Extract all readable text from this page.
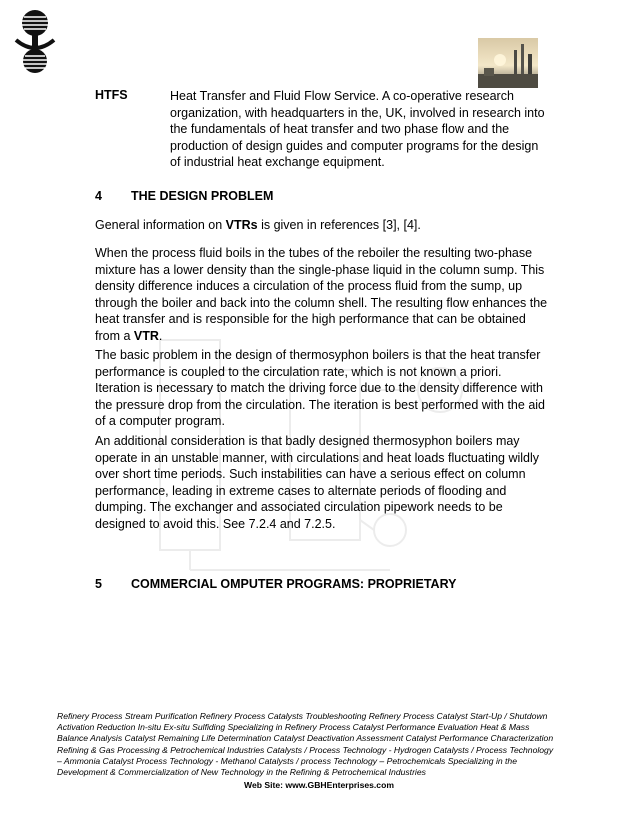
HTFS	Heat Transfer and Fluid Flow Service. A co-operative research organization, with headquarters in the, UK, involved in research into the fundamentals of heat transfer and two phase flow and the production of design guides and computer programs for the design of industrial heat exchange equipment.
4 THE DESIGN PROBLEM

General information on VTRs is given in references [3], [4].

When the process fluid boils in the tubes of the reboiler the resulting two-phase mixture has a lower density than the single-phase liquid in the column sump. This density difference induces a circulation of the process fluid from the sump, up through the boiler and back into the column shell. The resulting flow enhances the heat transfer and is responsible for the high performance that can be obtained from a VTR.

The basic problem in the design of thermosyphon boilers is that the heat transfer performance is coupled to the circulation rate, which is not known a priori. Iteration is necessary to match the driving force due to the density difference with the pressure drop from the circulation. The iteration is best performed with the aid of a computer program.

An additional consideration is that badly designed thermosyphon boilers may operate in an unstable manner, with circulations and heat loads fluctuating wildly over short time periods. Such instabilities can have a serious effect on column performance, leading in extreme cases to alternate periods of flooding and dumping. The exchanger and associated circulation pipework needs to be designed to avoid this. See 7.2.4 and 7.2.5.

5 COMMERCIAL OMPUTER PROGRAMS: PROPRIETARY
Refinery Process Stream Purification Refinery Process Catalysts Troubleshooting Refinery Process Catalyst Start-Up / Shutdown Activation Reduction In-situ Ex-situ Sulfiding Specializing in Refinery Process Catalyst Performance Evaluation Heat & Mass Balance Analysis Catalyst Remaining Life Determination Catalyst Deactivation Assessment Catalyst Performance Characterization Refining & Gas Processing & Petrochemical Industries Catalysts / Process Technology - Hydrogen Catalysts / Process Technology – Ammonia Catalyst Process Technology - Methanol Catalysts / process Technology – Petrochemicals Specializing in the Development & Commercialization of New Technology in the Refining & Petrochemical Industries
Web Site: www.GBHEnterprises.com
